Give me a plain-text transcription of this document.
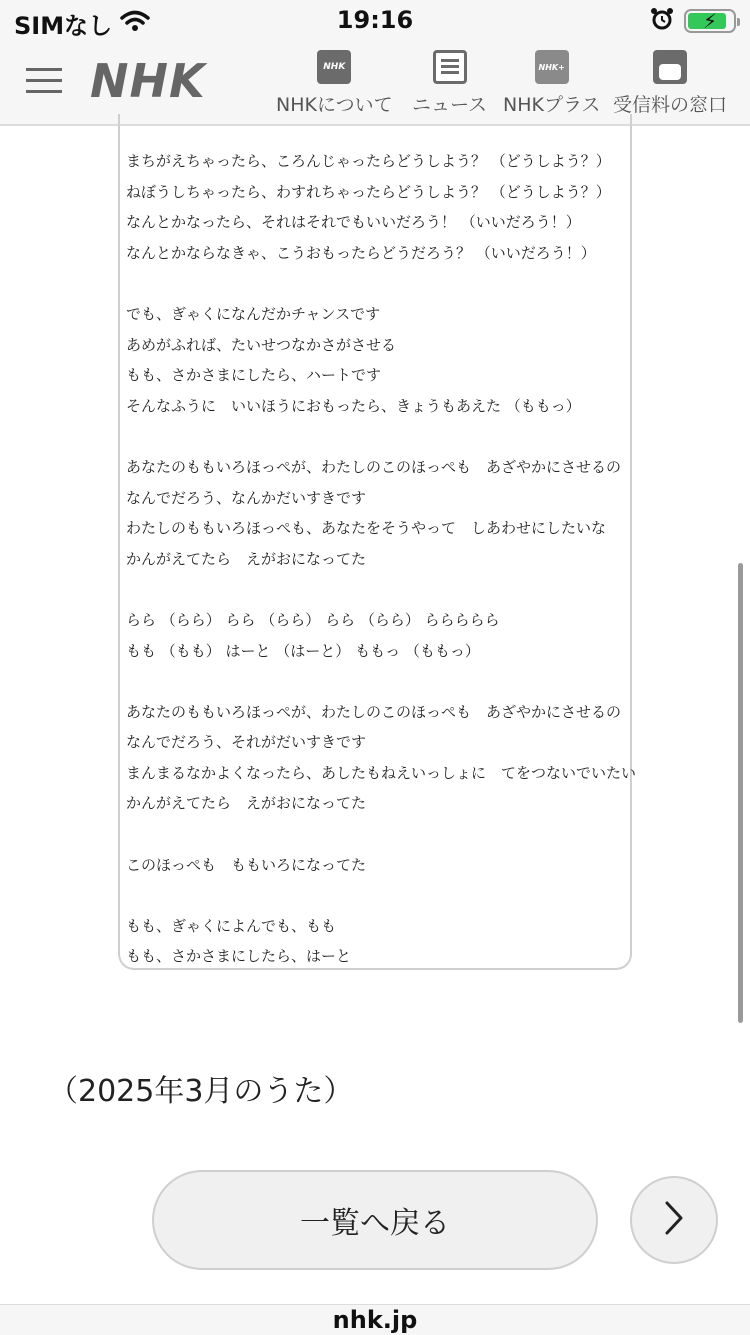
SIMなし	19:16	⚡
NHK	NHK
NHKについて ニュース
NHK+
NHKプラス 受信料の窓口
まちがえちゃったら、ころんじゃったらどうしよう？ （どうしよう？）
ねぼうしちゃったら、わすれちゃったらどうしよう？ （どうしよう？）
なんとかなったら、それはそれでもいいだろう！ （いいだろう！）
なんとかならなきゃ、こうおもったらどうだろう？ （いいだろう！）
でも、ぎゃくになんだかチャンスです
あめがふれば、たいせつなかさがさせる
もも、さかさまにしたら、ハートです
そんなふうに　いいほうにおもったら、きょうもあえた （ももっ）
あなたのももいろほっぺが、わたしのこのほっぺも　あざやかにさせるの
なんでだろう、なんかだいすきです
わたしのももいろほっぺも、あなたをそうやって　しあわせにしたいな
かんがえてたら　えがおになってた
らら （らら） らら （らら） らら （らら） ららららら
もも （もも） はーと （はーと） ももっ （ももっ）
あなたのももいろほっぺが、わたしのこのほっぺも　あざやかにさせるの
なんでだろう、それがだいすきです
まんまるなかよくなったら、あしたもねえいっしょに　てをつないでいたい
かんがえてたら　えがおになってた
このほっぺも　ももいろになってた
もも、ぎゃくによんでも、もも
もも、さかさまにしたら、はーと
（2025年3月のうた）
一覧へ戻る
nhk.jp
